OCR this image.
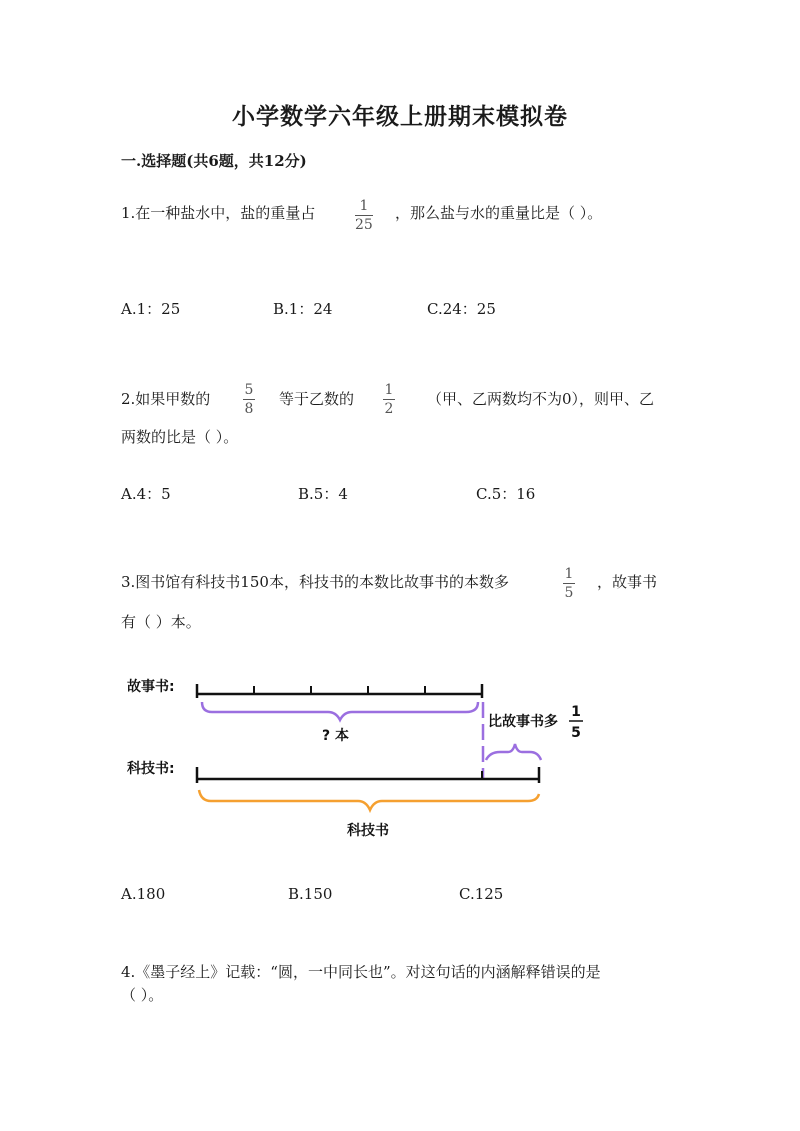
小学数学六年级上册期末模拟卷
一.选择题(共6题，共12分)
1.在一种盐水中，盐的重量占	1
25
，那么盐与水的重量比是（ ）。
A.1：25	B.1：24	C.24：25
2.如果甲数的 5
8
等于乙数的 1
2
（甲、乙两数均不为0），则甲、乙
两数的比是（ ）。
A.4：5	B.5：4	C.5：16
3.图书馆有科技书150本，科技书的本数比故事书的本数多	1
5
，故事书
有（ ）本。
故事书:
? 本
比故事书多
1
5
科技书:
科技书
A.180	B.150	C.125
4.《墨子经上》记载：“圆，一中同长也”。对这句话的内涵解释错误的是
（ ）。
